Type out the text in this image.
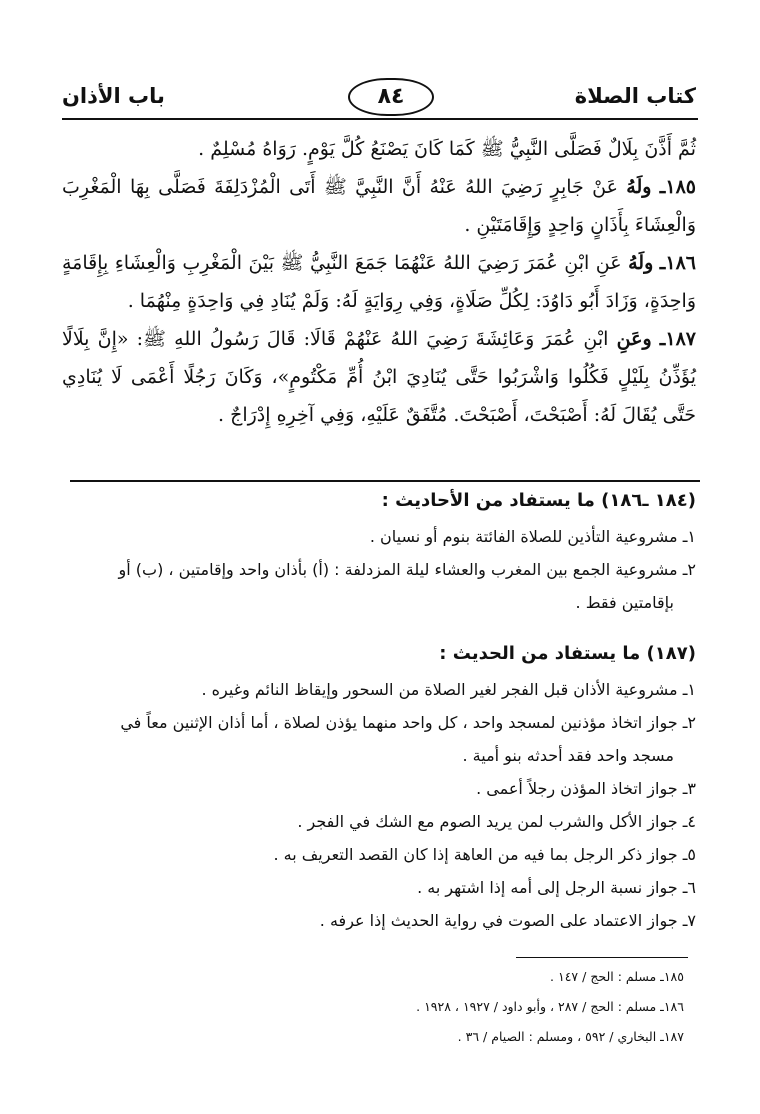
كتاب الصلاة
٨٤
باب الأذان

ثُمَّ أَذَّنَ بِلَالٌ فَصَلَّى النَّبِيُّ ﷺ كَمَا كَانَ يَصْنَعُ كُلَّ يَوْمٍ. رَوَاهُ مُسْلِمٌ .

١٨٥ـ ولَهُ عَنْ جَابِرٍ رَضِيَ اللهُ عَنْهُ أَنَّ النَّبِيَّ ﷺ أَتَى الْمُزْدَلِفَةَ فَصَلَّى بِهَا الْمَغْرِبَ وَالْعِشَاءَ بِأَذَانٍ وَاحِدٍ وَإِقَامَتَيْنِ .

١٨٦ـ ولَهُ عَنِ ابْنِ عُمَرَ رَضِيَ اللهُ عَنْهُمَا جَمَعَ النَّبِيُّ ﷺ بَيْنَ الْمَغْرِبِ وَالْعِشَاءِ بِإِقَامَةٍ وَاحِدَةٍ، وَزَادَ أَبُو دَاوُدَ: لِكُلِّ صَلَاةٍ، وَفِي رِوَايَةٍ لَهُ: وَلَمْ يُنَادِ فِي وَاحِدَةٍ مِنْهُمَا .

١٨٧ـ وعَنِ ابْنِ عُمَرَ وَعَائِشَةَ رَضِيَ اللهُ عَنْهُمْ قَالَا: قَالَ رَسُولُ اللهِ ﷺ: «إِنَّ بِلَالًا يُؤَذِّنُ بِلَيْلٍ فَكُلُوا وَاشْرَبُوا حَتَّى يُنَادِيَ ابْنُ أُمِّ مَكْتُومٍ»، وَكَانَ رَجُلًا أَعْمَى لَا يُنَادِي حَتَّى يُقَالَ لَهُ: أَصْبَحْتَ، أَصْبَحْتَ. مُتَّفَقٌ عَلَيْهِ، وَفِي آخِرِهِ إِدْرَاجٌ .

(١٨٤ ـ١٨٦) ما يستفاد من الأحاديث :

١ـ مشروعية التأذين للصلاة الفائتة بنوم أو نسيان .

٢ـ مشروعية الجمع بين المغرب والعشاء ليلة المزدلفة : (أ) بأذان واحد وإقامتين ، (ب) أو
بإقامتين فقط .

(١٨٧) ما يستفاد من الحديث :

١ـ مشروعية الأذان قبل الفجر لغير الصلاة من السحور وإيقاظ النائم وغيره .

٢ـ جواز اتخاذ مؤذنين لمسجد واحد ، كل واحد منهما يؤذن لصلاة ، أما أذان الإثنين معاً في
مسجد واحد فقد أحدثه بنو أمية .

٣ـ جواز اتخاذ المؤذن رجلاً أعمى .

٤ـ جواز الأكل والشرب لمن يريد الصوم مع الشك في الفجر .

٥ـ جواز ذكر الرجل بما فيه من العاهة إذا كان القصد التعريف به .

٦ـ جواز نسبة الرجل إلى أمه إذا اشتهر به .

٧ـ جواز الاعتماد على الصوت في رواية الحديث إذا عرفه .

١٨٥ـ مسلم : الحج / ١٤٧ .

١٨٦ـ مسلم : الحج / ٢٨٧ ، وأبو داود / ١٩٢٧ ، ١٩٢٨ .

١٨٧ـ البخاري / ٥٩٢ ، ومسلم : الصيام / ٣٦ .
